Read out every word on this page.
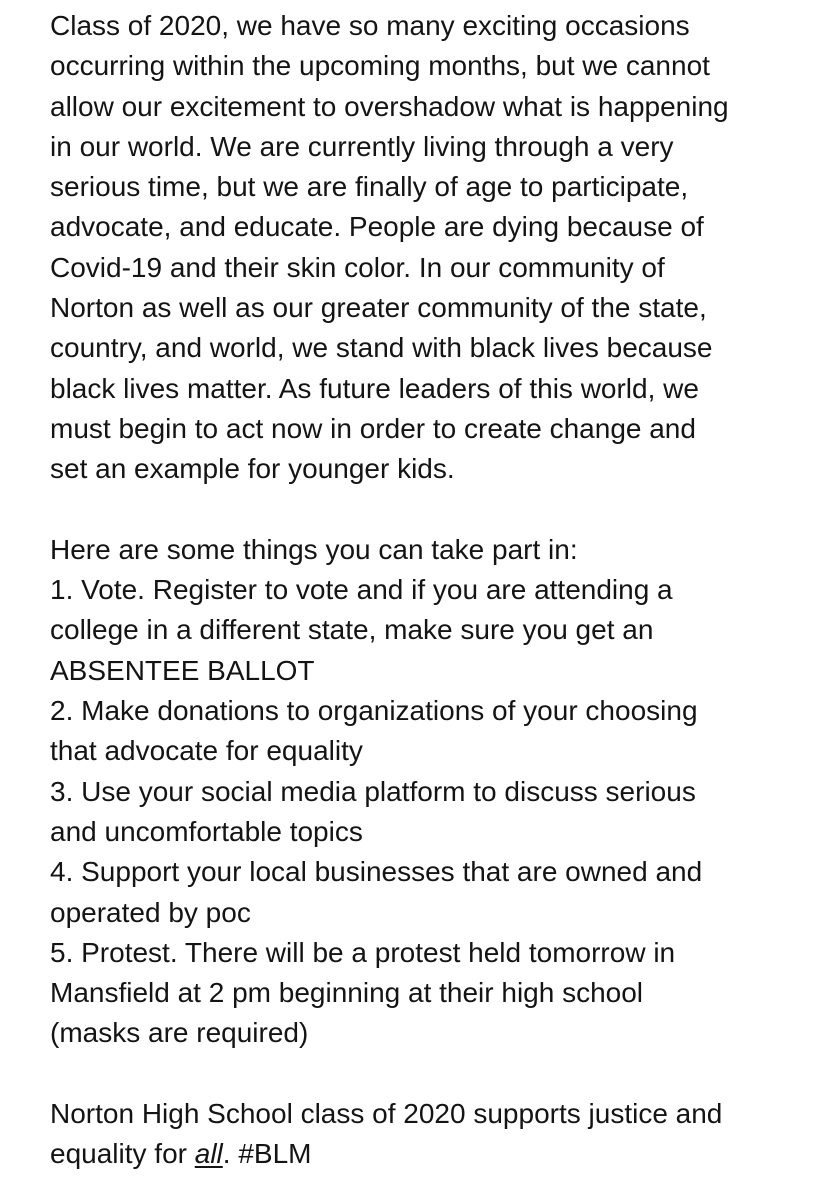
Class of 2020, we have so many exciting occasions
occurring within the upcoming months, but we cannot
allow our excitement to overshadow what is happening
in our world. We are currently living through a very
serious time, but we are finally of age to participate,
advocate, and educate. People are dying because of
Covid-19 and their skin color. In our community of
Norton as well as our greater community of the state,
country, and world, we stand with black lives because
black lives matter. As future leaders of this world, we
must begin to act now in order to create change and
set an example for younger kids.
Here are some things you can take part in:
1. Vote. Register to vote and if you are attending a
college in a different state, make sure you get an
ABSENTEE BALLOT
2. Make donations to organizations of your choosing
that advocate for equality
3. Use your social media platform to discuss serious
and uncomfortable topics
4. Support your local businesses that are owned and
operated by poc
5. Protest. There will be a protest held tomorrow in
Mansfield at 2 pm beginning at their high school
(masks are required)
Norton High School class of 2020 supports justice and
equality for all. #BLM
